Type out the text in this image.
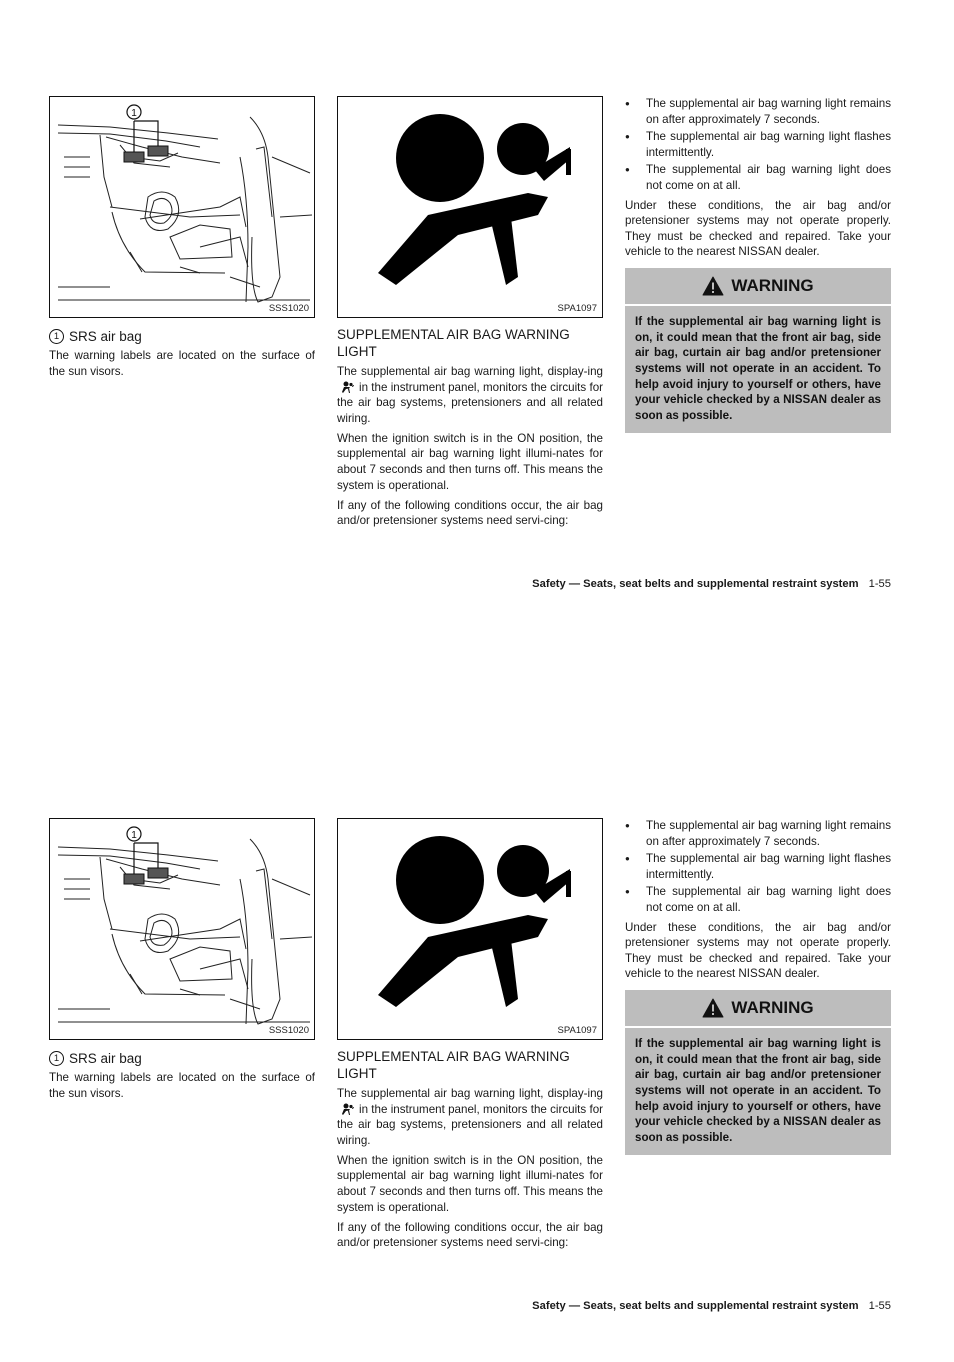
1
SSS1020
1 SRS air bag

The warning labels are located on the surface of the sun visors.

SPA1097
SUPPLEMENTAL AIR BAG WARNING LIGHT

The supplemental air bag warning light, display-ingin the instrument panel, monitors the circuits for the air bag systems, pretensioners and all related wiring.

When the ignition switch is in the ON position, the supplemental air bag warning light illumi-nates for about 7 seconds and then turns off. This means the system is operational.

If any of the following conditions occur, the air bag and/or pretensioner systems need servi-cing:

● The supplemental air bag warning light remains on after approximately 7 seconds.
● The supplemental air bag warning light flashes intermittently.
● The supplemental air bag warning light does not come on at all.

Under these conditions, the air bag and/or pretensioner systems may not operate properly. They must be checked and repaired. Take your vehicle to the nearest NISSAN dealer.

WARNING
If the supplemental air bag warning light is on, it could mean that the front air bag, side air bag, curtain air bag and/or pretensioner systems will not operate in an accident. To help avoid injury to yourself or others, have your vehicle checked by a NISSAN dealer as soon as possible.
Safety — Seats, seat belts and supplemental restraint system 1-55
1
SSS1020
1 SRS air bag

The warning labels are located on the surface of the sun visors.

SPA1097
SUPPLEMENTAL AIR BAG WARNING LIGHT

The supplemental air bag warning light, display-ingin the instrument panel, monitors the circuits for the air bag systems, pretensioners and all related wiring.

When the ignition switch is in the ON position, the supplemental air bag warning light illumi-nates for about 7 seconds and then turns off. This means the system is operational.

If any of the following conditions occur, the air bag and/or pretensioner systems need servi-cing:

● The supplemental air bag warning light remains on after approximately 7 seconds.
● The supplemental air bag warning light flashes intermittently.
● The supplemental air bag warning light does not come on at all.

Under these conditions, the air bag and/or pretensioner systems may not operate properly. They must be checked and repaired. Take your vehicle to the nearest NISSAN dealer.

WARNING
If the supplemental air bag warning light is on, it could mean that the front air bag, side air bag, curtain air bag and/or pretensioner systems will not operate in an accident. To help avoid injury to yourself or others, have your vehicle checked by a NISSAN dealer as soon as possible.
Safety — Seats, seat belts and supplemental restraint system 1-55
